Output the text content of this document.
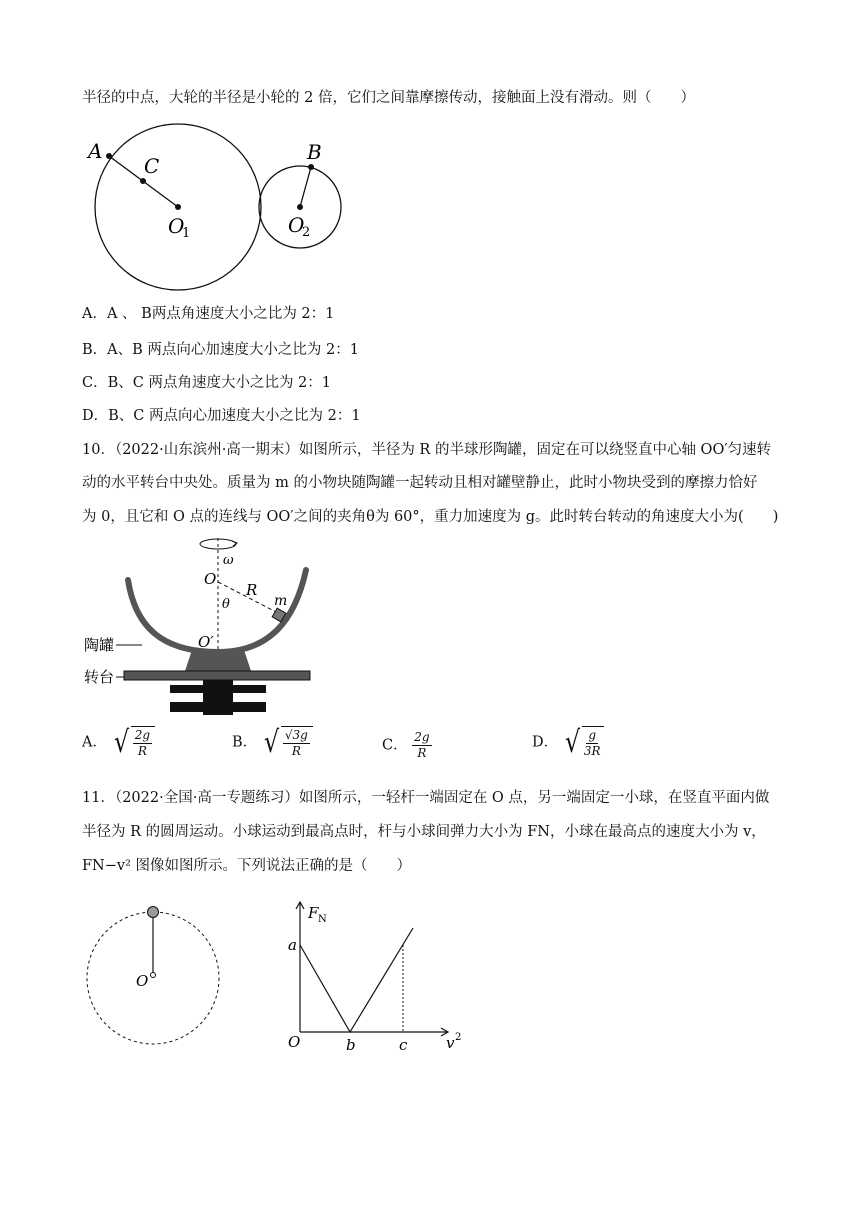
半径的中点，大轮的半径是小轮的 2 倍，它们之间靠摩擦传动，接触面上没有滑动。则（　　）
A
C
O
1
B
O
2
A．A 、 B两点角速度大小之比为 2：1
B．A、B 两点向心加速度大小之比为 2：1
C．B、C 两点角速度大小之比为 2：1
D．B、C 两点向心加速度大小之比为 2：1
10．（2022·山东滨州·高一期末）如图所示，半径为 R 的半球形陶罐，固定在可以绕竖直中心轴 OO′匀速转
动的水平转台中央处。质量为 m 的小物块随陶罐一起转动且相对罐壁静止，此时小物块受到的摩擦力恰好
为 0，且它和 O 点的连线与 OO′之间的夹角θ为 60°，重力加速度为 g。此时转台转动的角速度大小为(　　)
ω
O
R
θ	m
O′
陶罐
转台
A． √ $\frac{2g}{R}$	B． √ $\frac{√3g}{R}$	C． $\frac{2g}{R}$	D． √ $\frac{g}{3R}$
11．（2022·全国·高一专题练习）如图所示，一轻杆一端固定在 O 点，另一端固定一小球，在竖直平面内做
半径为 R 的圆周运动。小球运动到最高点时，杆与小球间弹力大小为 FN，小球在最高点的速度大小为 v，
FN−v² 图像如图所示。下列说法正确的是（　　）
O
F N
a
O	b	c	v 2
